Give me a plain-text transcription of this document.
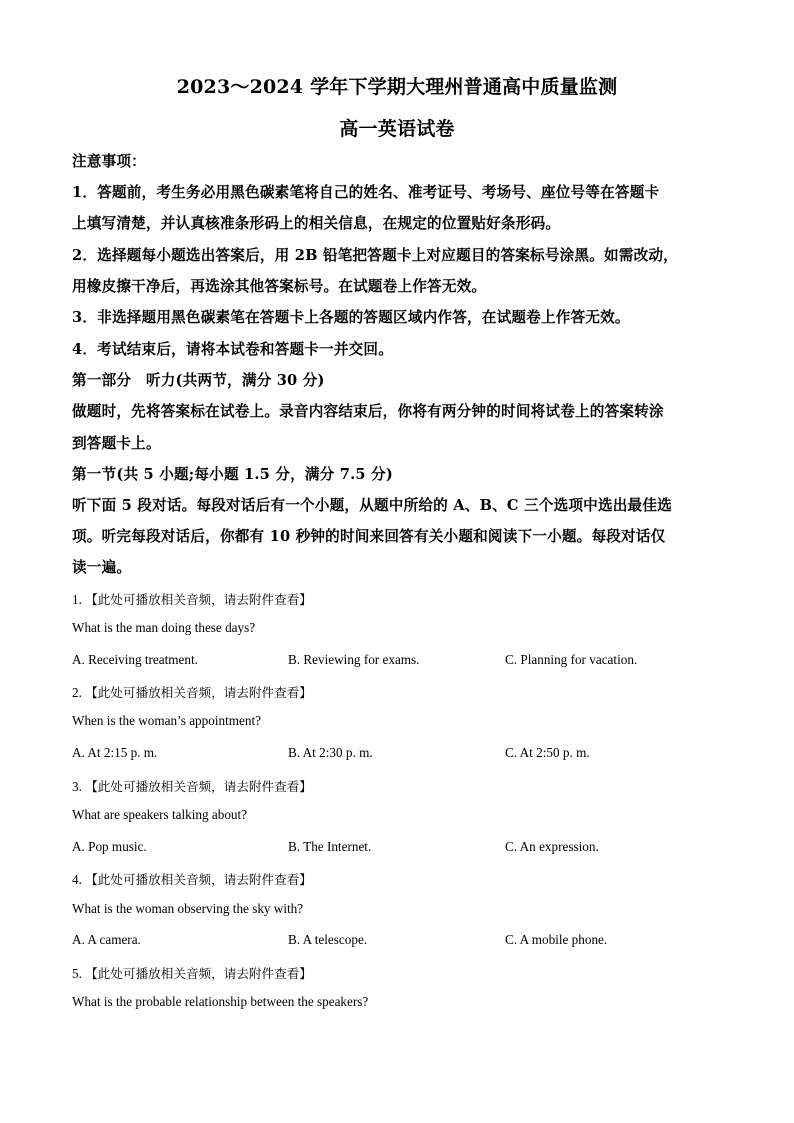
2023～2024 学年下学期大理州普通高中质量监测
高一英语试卷
注意事项：
1．答题前，考生务必用黑色碳素笔将自己的姓名、准考证号、考场号、座位号等在答题卡
上填写清楚，并认真核准条形码上的相关信息，在规定的位置贴好条形码。
2．选择题每小题选出答案后，用 2B 铅笔把答题卡上对应题目的答案标号涂黑。如需改动，
用橡皮擦干净后，再选涂其他答案标号。在试题卷上作答无效。
3．非选择题用黑色碳素笔在答题卡上各题的答题区域内作答，在试题卷上作答无效。
4．考试结束后，请将本试卷和答题卡一并交回。
第一部分　听力(共两节，满分 30 分)
做题时，先将答案标在试卷上。录音内容结束后，你将有两分钟的时间将试卷上的答案转涂
到答题卡上。
第一节(共 5 小题;每小题 1.5 分，满分 7.5 分)
听下面 5 段对话。每段对话后有一个小题，从题中所给的 A、B、C 三个选项中选出最佳选
项。听完每段对话后，你都有 10 秒钟的时间来回答有关小题和阅读下一小题。每段对话仅
读一遍。
1. 【此处可播放相关音频，请去附件查看】
What is the man doing these days?
A. Receiving treatment.	B. Reviewing for exams.	C. Planning for vacation.
2. 【此处可播放相关音频，请去附件查看】
When is the woman’s appointment?
A. At 2:15 p. m.	B. At 2:30 p. m.	C. At 2:50 p. m.
3. 【此处可播放相关音频，请去附件查看】
What are speakers talking about?
A. Pop music.	B. The Internet.	C. An expression.
4. 【此处可播放相关音频，请去附件查看】
What is the woman observing the sky with?
A. A camera.	B. A telescope.	C. A mobile phone.
5. 【此处可播放相关音频，请去附件查看】
What is the probable relationship between the speakers?
